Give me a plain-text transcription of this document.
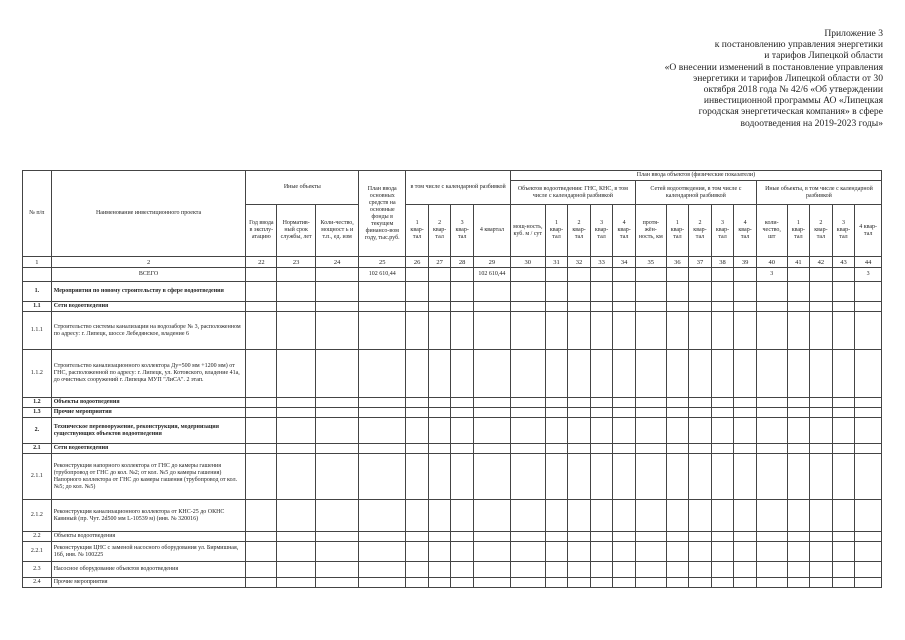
Приложение 3
к постановлению управления энергетики
и тарифов Липецкой области
«О внесении изменений в постановление управления
энергетики и тарифов Липецкой области от 30
октября 2018 года № 42/6 «Об утверждении
инвестиционной программы АО «Липецкая
городская энергетическая компания» в сфере
водоотведения на 2019-2023 годы»
№ п/п	Наименование инвестиционного проекта	Иные объекты			План ввода основных средств на основные фонды в текущем финансо-вом году, тыс.руб.	в том числе с календарной разбивкой				План ввода объектов (физические показатели)														
										Объектов водоотведения: ГНС, КНС, в том числе с календарной разбивкой					Сетей водоотведения, в том числе с календарной разбивкой					Иные объекты, в том числе с календарной разбивкой				
		Год ввода в эксплу-атацию	Норматив-ный срок службы, лет	Коли-чество, мощност ь и т.п., ед. изм		1 квар-тал	2 квар-тал	3 квар-тал	4 квартал	мощ-ность, куб. м / сут	1 квар-тал	2 квар-тал	3 квар-тал	4 квар-тал	протя-жён-ность, км	1 квар-тал	2 квар-тал	3 квар-тал	4 квар-тал	коли-чество, шт	1 квар-тал	2 квар-тал	3 квар-тал	4 квар-тал
1	2	22	23	24	25	26	27	28	29	30	31	32	33	34	35	36	37	38	39	40	41	42	43	44
	ВСЕГО				102 610,44				102 610,44											3				3
1.	Мероприятия по новому строительству в сфере водоотведения																							
1.1	Сети водоотведения																							
1.1.1	Строительство системы канализации на водозаборе № 3, расположенном по адресу: г. Липецк, шоссе Лебедянское, владение 6																							
1.1.2	Строительство канализационного коллектора Ду=500 мм +1200 мм) от ГНС, расположенной по адресу: г. Липецк, ул. Котовского, владение 41а, до очистных сооружений г. Липецка МУП "ЛиСА". 2 этап.																							
1.2	Объекты водоотведения																							
1.3	Прочие мероприятия																							
2.	Техническое перевооружение, реконструкция, модернизация существующих объектов водоотведения																							
2.1	Сети водоотведения																							
2.1.1	Реконструкция напорного коллектора от ГНС до камеры гашения (трубопровод от ГНС до кол. №2; от кол. №5 до камеры гашения) Напорного коллектора от ГНС до камеры гашения (трубопровод от кол. №5; до кол. №5)																							
2.1.2	Реконструкция канализационного коллектора от КНС-25 до ОКНС Кавиный (пр. Чут. 2d500 мм L-10539 м) (инв. № 320016)																							
2.2	Объекты водоотведения																							
2.2.1	Реконструкция ЦНС с заменой насосного оборудования ул. Бирмишная, 16б, инв. № 100225																							
2.3	Насосное оборудование объектов водоотведения																							
2.4	Прочие мероприятия																							
